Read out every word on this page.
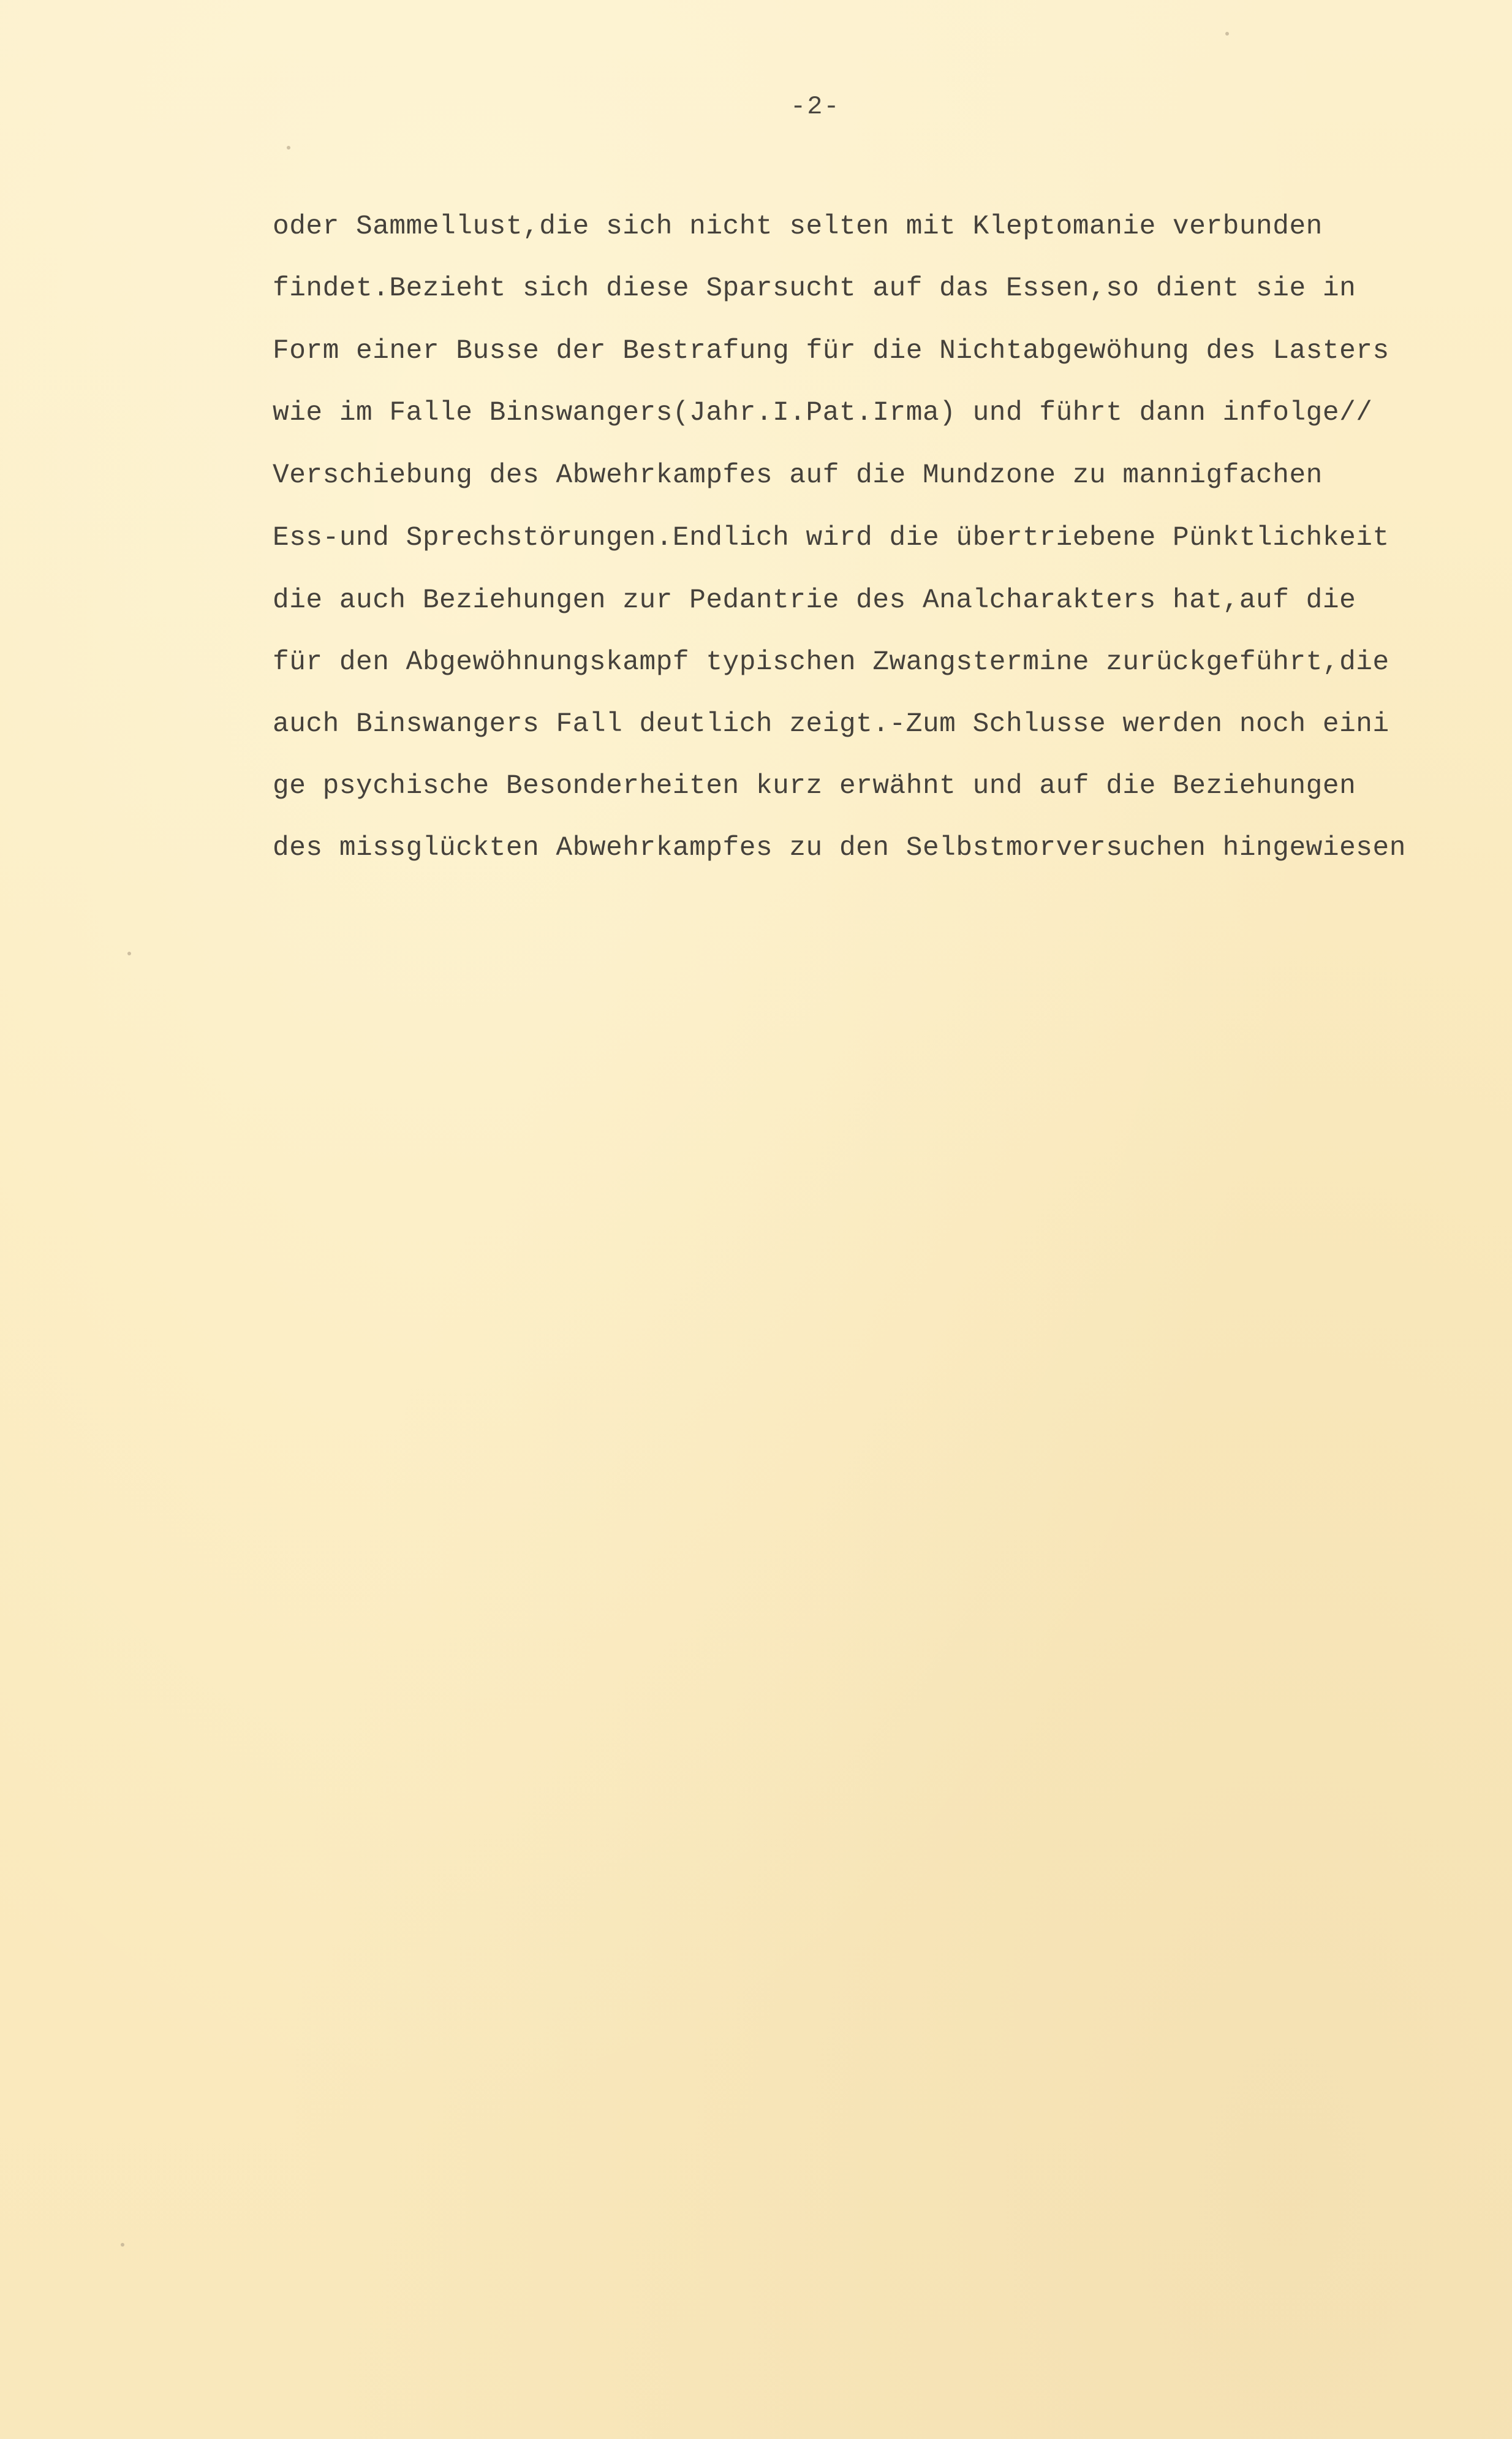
-2-
oder Sammellust,die sich nicht selten mit Kleptomanie verbunden
findet.Bezieht sich diese Sparsucht auf das Essen,so dient sie in
Form einer Busse der Bestrafung für die Nichtabgewöhung des Lasters
wie im Falle Binswangers(Jahr.I.Pat.Irma) und führt dann infolge//
Verschiebung des Abwehrkampfes auf die Mundzone zu mannigfachen
Ess-und Sprechstörungen.Endlich wird die übertriebene Pünktlichkeit
die auch Beziehungen zur Pedantrie des Analcharakters hat,auf die
für den Abgewöhnungskampf typischen Zwangstermine zurückgeführt,die
auch Binswangers Fall deutlich zeigt.-Zum Schlusse werden noch eini
ge psychische Besonderheiten kurz erwähnt und auf die Beziehungen
des missglückten Abwehrkampfes zu den Selbstmorversuchen hingewiesen
